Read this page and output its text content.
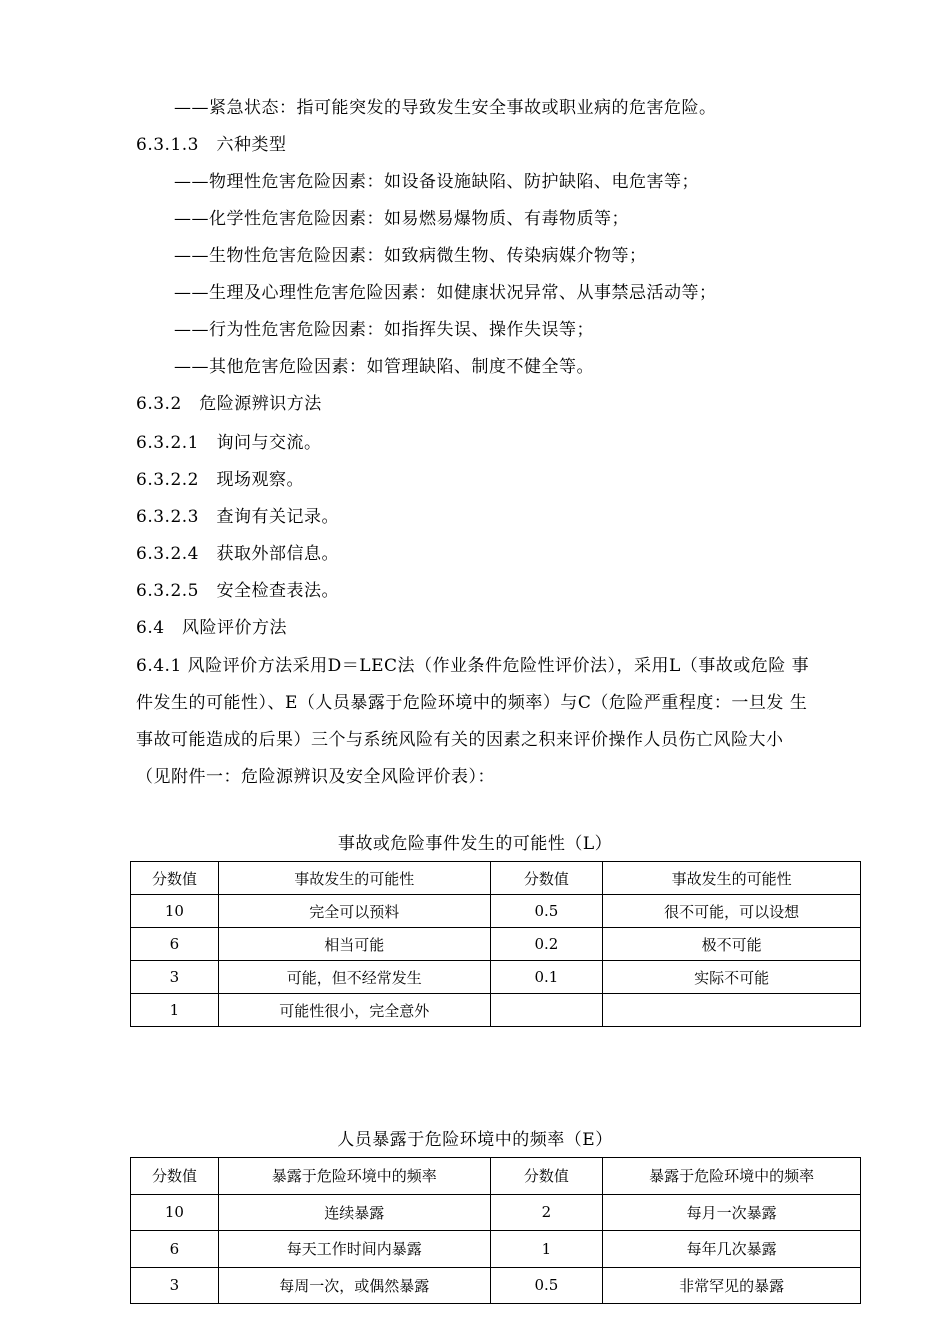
——紧急状态：指可能突发的导致发生安全事故或职业病的危害危险。
6.3.1.3　六种类型
——物理性危害危险因素：如设备设施缺陷、防护缺陷、电危害等；
——化学性危害危险因素：如易燃易爆物质、有毒物质等；
——生物性危害危险因素：如致病微生物、传染病媒介物等；
——生理及心理性危害危险因素：如健康状况异常、从事禁忌活动等；
——行为性危害危险因素：如指挥失误、操作失误等；
——其他危害危险因素：如管理缺陷、制度不健全等。
6.3.2　危险源辨识方法
6.3.2.1　询问与交流。
6.3.2.2　现场观察。
6.3.2.3　查询有关记录。
6.3.2.4　获取外部信息。
6.3.2.5　安全检查表法。
6.4　风险评价方法
6.4.1 风险评价方法采用D＝LEC法（作业条件危险性评价法），采用L（事故或危险 事
件发生的可能性）、E（人员暴露于危险环境中的频率）与C（危险严重程度：一旦发 生
事故可能造成的后果）三个与系统风险有关的因素之积来评价操作人员伤亡风险大小
（见附件一：危险源辨识及安全风险评价表）：
事故或危险事件发生的可能性（L）
分数值	事故发生的可能性	分数值	事故发生的可能性
10	完全可以预料	0.5	很不可能，可以设想
6	相当可能	0.2	极不可能
3	可能，但不经常发生	0.1	实际不可能
1	可能性很小，完全意外		
人员暴露于危险环境中的频率（E）
分数值	暴露于危险环境中的频率	分数值	暴露于危险环境中的频率
10	连续暴露	2	每月一次暴露
6	每天工作时间内暴露	1	每年几次暴露
3	每周一次，或偶然暴露	0.5	非常罕见的暴露
